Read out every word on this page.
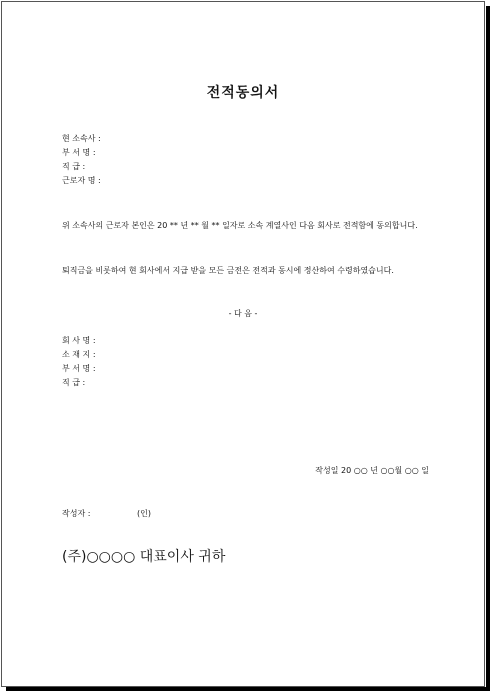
전적동의서
현 소속사 :
부 서 명 :
직 급 :
근로자 명 :
위 소속사의 근로자 본인은 20 ** 년 ** 월 ** 일자로 소속 계열사인 다음 회사로 전적함에 동의합니다.
퇴직금을 비롯하여 현 회사에서 지급 받을 모든 금전은 전적과 동시에 정산하여 수령하였습니다.
- 다 음 -
회 사 명 :
소 재 지 :
부 서 명 :
직 급 :
작성일 20 ○○ 년 ○○월 ○○ 일
작성자 :	(인)
(주)○○○○ 대표이사 귀하
